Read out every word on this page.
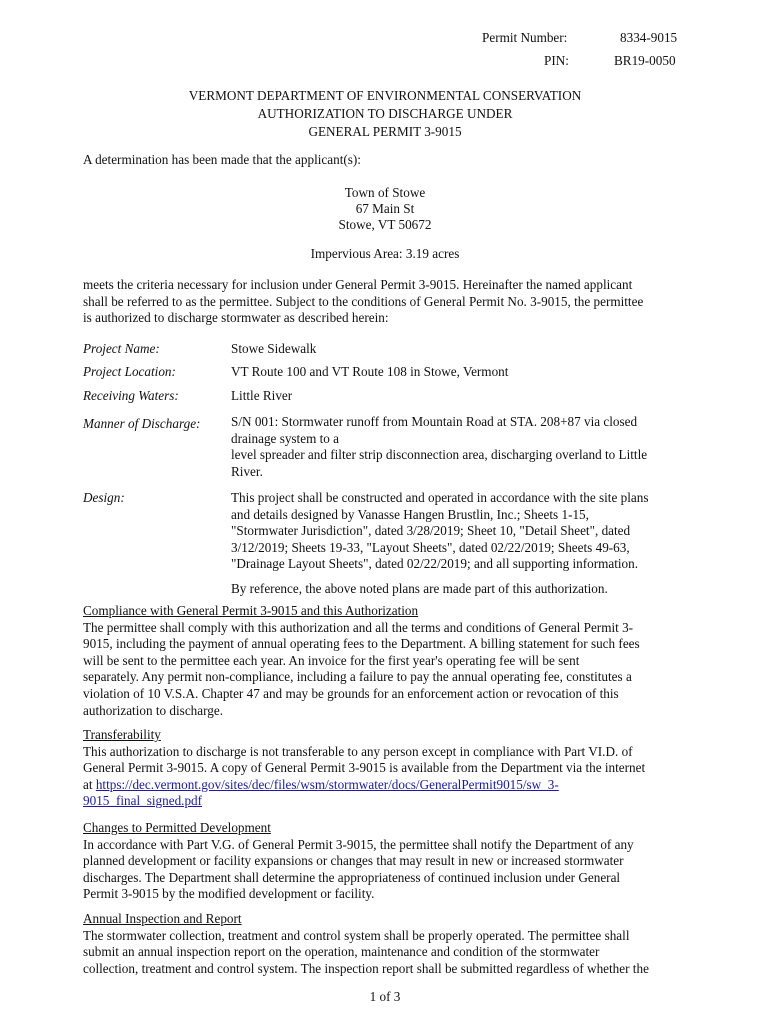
Permit Number:	8334-9015
PIN:	BR19-0050
VERMONT DEPARTMENT OF ENVIRONMENTAL CONSERVATION
AUTHORIZATION TO DISCHARGE UNDER
GENERAL PERMIT 3-9015
A determination has been made that the applicant(s):
Town of Stowe
67 Main St
Stowe, VT 50672
Impervious Area: 3.19 acres
meets the criteria necessary for inclusion under General Permit 3-9015. Hereinafter the named applicant
shall be referred to as the permittee. Subject to the conditions of General Permit No. 3-9015, the permittee
is authorized to discharge stormwater as described herein:
Project Name:	Stowe Sidewalk
Project Location:	VT Route 100 and VT Route 108 in Stowe, Vermont
Receiving Waters:	Little River
Manner of Discharge: S/N 001: Stormwater runoff from Mountain Road at STA. 208+87 via closed
drainage system to a
level spreader and filter strip disconnection area, discharging overland to Little
River.
Design:	This project shall be constructed and operated in accordance with the site plans
and details designed by Vanasse Hangen Brustlin, Inc.; Sheets 1-15,
"Stormwater Jurisdiction", dated 3/28/2019; Sheet 10, "Detail Sheet", dated
3/12/2019; Sheets 19-33, "Layout Sheets", dated 02/22/2019; Sheets 49-63,
"Drainage Layout Sheets", dated 02/22/2019; and all supporting information.
By reference, the above noted plans are made part of this authorization.
Compliance with General Permit 3-9015 and this Authorization
The permittee shall comply with this authorization and all the terms and conditions of General Permit 3-
9015, including the payment of annual operating fees to the Department. A billing statement for such fees
will be sent to the permittee each year. An invoice for the first year's operating fee will be sent
separately. Any permit non-compliance, including a failure to pay the annual operating fee, constitutes a
violation of 10 V.S.A. Chapter 47 and may be grounds for an enforcement action or revocation of this
authorization to discharge.
Transferability
This authorization to discharge is not transferable to any person except in compliance with Part VI.D. of
General Permit 3-9015. A copy of General Permit 3-9015 is available from the Department via the internet
at https://dec.vermont.gov/sites/dec/files/wsm/stormwater/docs/GeneralPermit9015/sw_3-
9015_final_signed.pdf
Changes to Permitted Development
In accordance with Part V.G. of General Permit 3-9015, the permittee shall notify the Department of any
planned development or facility expansions or changes that may result in new or increased stormwater
discharges. The Department shall determine the appropriateness of continued inclusion under General
Permit 3-9015 by the modified development or facility.
Annual Inspection and Report
The stormwater collection, treatment and control system shall be properly operated. The permittee shall
submit an annual inspection report on the operation, maintenance and condition of the stormwater
collection, treatment and control system. The inspection report shall be submitted regardless of whether the
1 of 3
